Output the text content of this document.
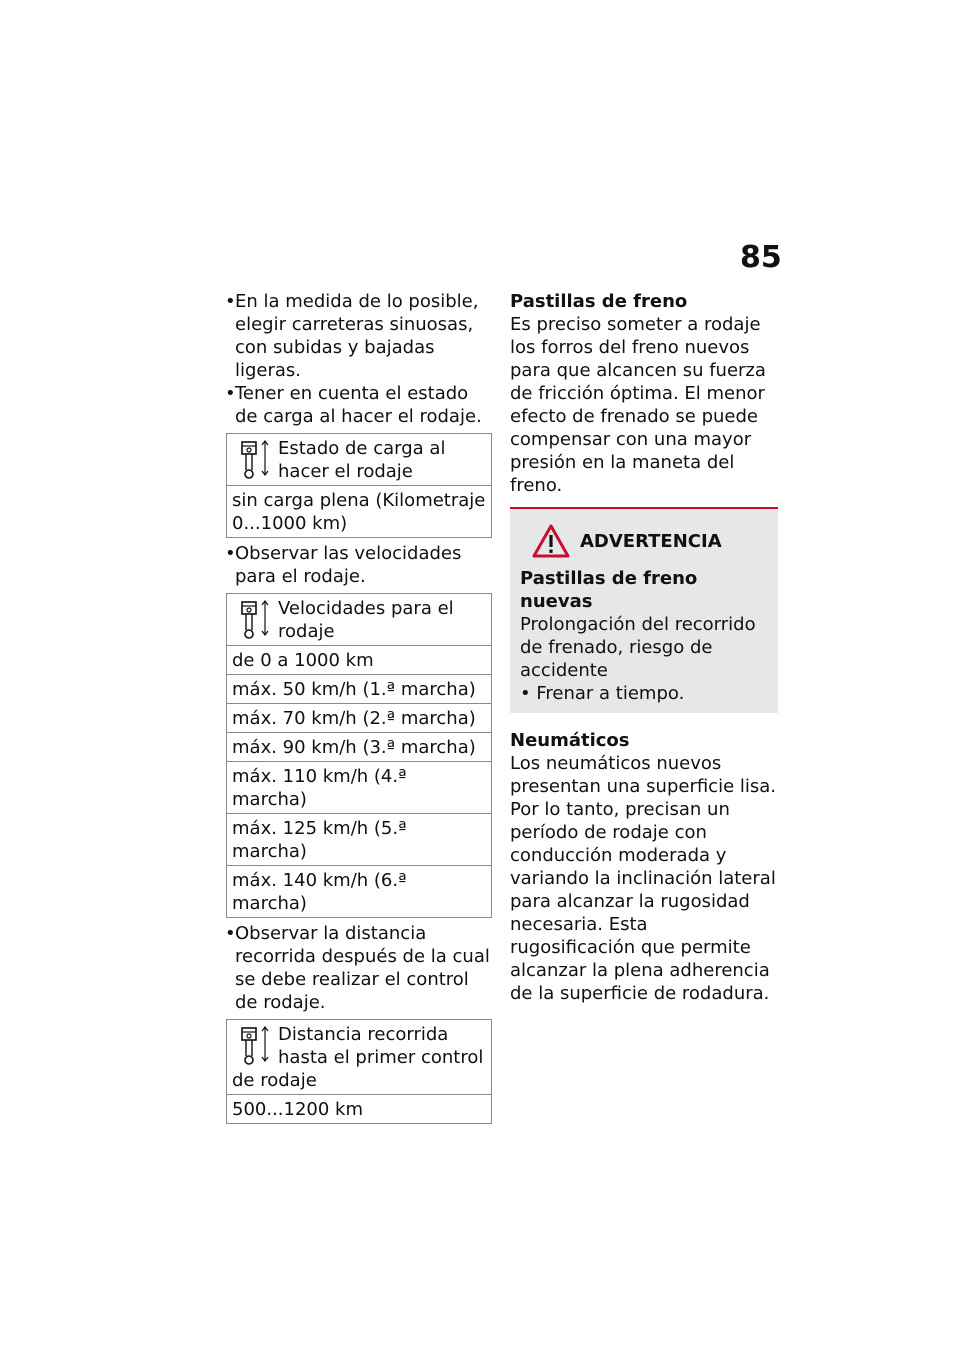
85
• En la medida de lo posible, elegir carreteras sinuosas, con subidas y bajadas ligeras.
• Tener en cuenta el estado de carga al hacer el rodaje.
Estado de carga al hacer el rodaje

sin carga plena (Kilometraje 0...1000 km)
• Observar las velocidades para el rodaje.
Velocidades para el rodaje

de 0 a 1000 km
máx. 50 km/h (1.ª marcha)
máx. 70 km/h (2.ª marcha)
máx. 90 km/h (3.ª marcha)
máx. 110 km/h (4.ª marcha)
máx. 125 km/h (5.ª marcha)
máx. 140 km/h (6.ª marcha)
• Observar la distancia recorrida después de la cual se debe realizar el control de rodaje.
Distancia recorrida hasta el primer control de rodaje

500...1200 km
Pastillas de freno
Es preciso someter a rodaje los forros del freno nuevos para que alcancen su fuerza de fricción óptima. El menor efecto de frenado se puede compensar con una mayor presión en la maneta del freno.
ADVERTENCIA
Pastillas de freno nuevas
Prolongación del recorrido de frenado, riesgo de accidente
• Frenar a tiempo.
Neumáticos
Los neumáticos nuevos presentan una superficie lisa. Por lo tanto, precisan un período de rodaje con conducción moderada y variando la inclinación lateral para alcanzar la rugosidad necesaria. Esta rugosificación que permite alcanzar la plena adherencia de la superficie de rodadura.
